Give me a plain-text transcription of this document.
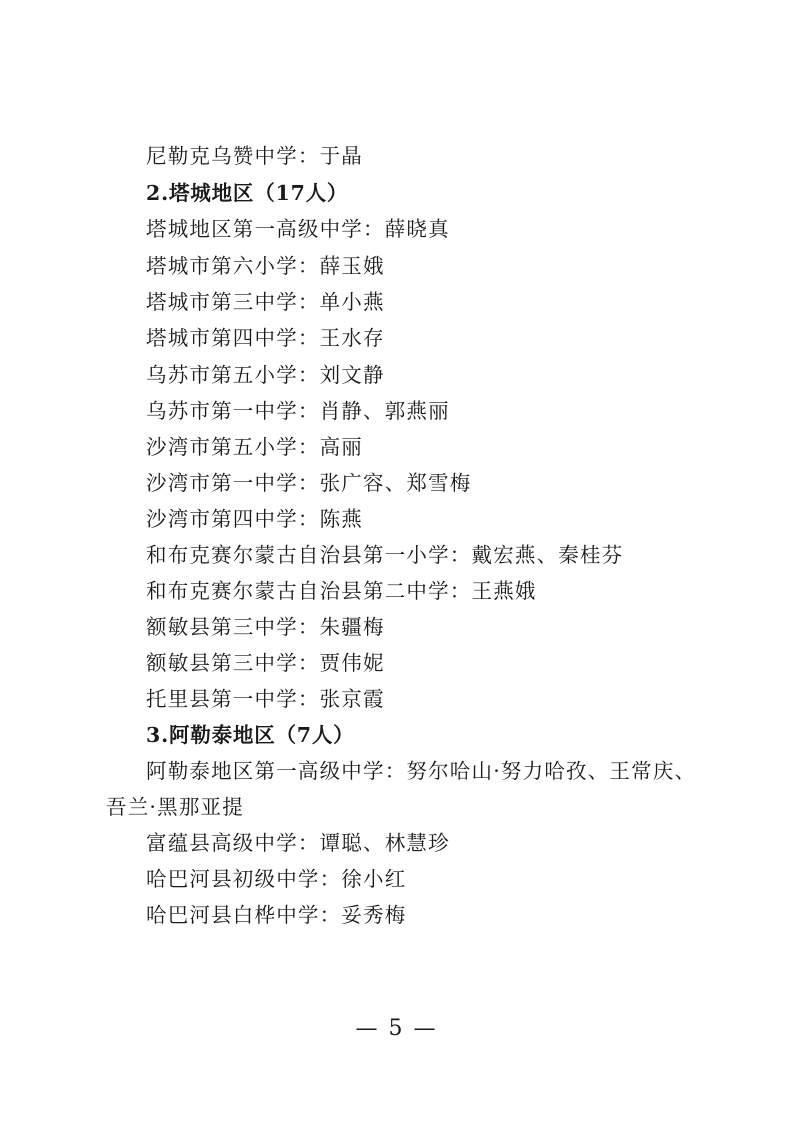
尼勒克乌赞中学：于晶
2.塔城地区（17人）
塔城地区第一高级中学：薛晓真
塔城市第六小学：薛玉娥
塔城市第三中学：单小燕
塔城市第四中学：王水存
乌苏市第五小学：刘文静
乌苏市第一中学：肖静、郭燕丽
沙湾市第五小学：高丽
沙湾市第一中学：张广容、郑雪梅
沙湾市第四中学：陈燕
和布克赛尔蒙古自治县第一小学：戴宏燕、秦桂芬
和布克赛尔蒙古自治县第二中学：王燕娥
额敏县第三中学：朱疆梅
额敏县第三中学：贾伟妮
托里县第一中学：张京霞
3.阿勒泰地区（7人）
阿勒泰地区第一高级中学：努尔哈山·努力哈孜、王常庆、
吾兰·黑那亚提
富蕴县高级中学：谭聪、林慧珍
哈巴河县初级中学：徐小红
哈巴河县白桦中学：妥秀梅
— 5 —
